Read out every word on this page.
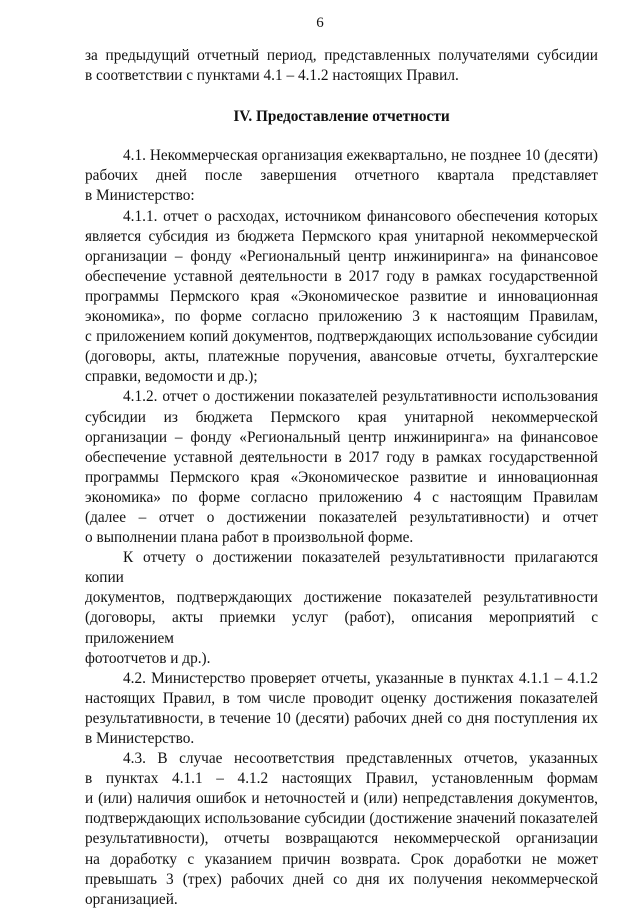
6
за предыдущий отчетный период, представленных получателями субсидии
в соответствии с пунктами 4.1 – 4.1.2 настоящих Правил.
IV. Предоставление отчетности
4.1. Некоммерческая организация ежеквартально, не позднее 10 (десяти)
рабочих дней после завершения отчетного квартала представляет
в Министерство:
4.1.1. отчет о расходах, источником финансового обеспечения которых
является субсидия из бюджета Пермского края унитарной некоммерческой
организации – фонду «Региональный центр инжиниринга» на финансовое
обеспечение уставной деятельности в 2017 году в рамках государственной
программы Пермского края «Экономическое развитие и инновационная
экономика», по форме согласно приложению 3 к настоящим Правилам,
с приложением копий документов, подтверждающих использование субсидии
(договоры, акты, платежные поручения, авансовые отчеты, бухгалтерские
справки, ведомости и др.);
4.1.2. отчет о достижении показателей результативности использования
субсидии из бюджета Пермского края унитарной некоммерческой
организации – фонду «Региональный центр инжиниринга» на финансовое
обеспечение уставной деятельности в 2017 году в рамках государственной
программы Пермского края «Экономическое развитие и инновационная
экономика» по форме согласно приложению 4 с настоящим Правилам
(далее – отчет о достижении показателей результативности) и отчет
о выполнении плана работ в произвольной форме.
К отчету о достижении показателей результативности прилагаются копии
документов, подтверждающих достижение показателей результативности
(договоры, акты приемки услуг (работ), описания мероприятий с приложением
фотоотчетов и др.).
4.2. Министерство проверяет отчеты, указанные в пунктах 4.1.1 – 4.1.2
настоящих Правил, в том числе проводит оценку достижения показателей
результативности, в течение 10 (десяти) рабочих дней со дня поступления их
в Министерство.
4.3. В случае несоответствия представленных отчетов, указанных
в пунктах 4.1.1 – 4.1.2 настоящих Правил, установленным формам
и (или) наличия ошибок и неточностей и (или) непредставления документов,
подтверждающих использование субсидии (достижение значений показателей
результативности), отчеты возвращаются некоммерческой организации
на доработку с указанием причин возврата. Срок доработки не может
превышать 3 (трех) рабочих дней со дня их получения некоммерческой
организацией.
